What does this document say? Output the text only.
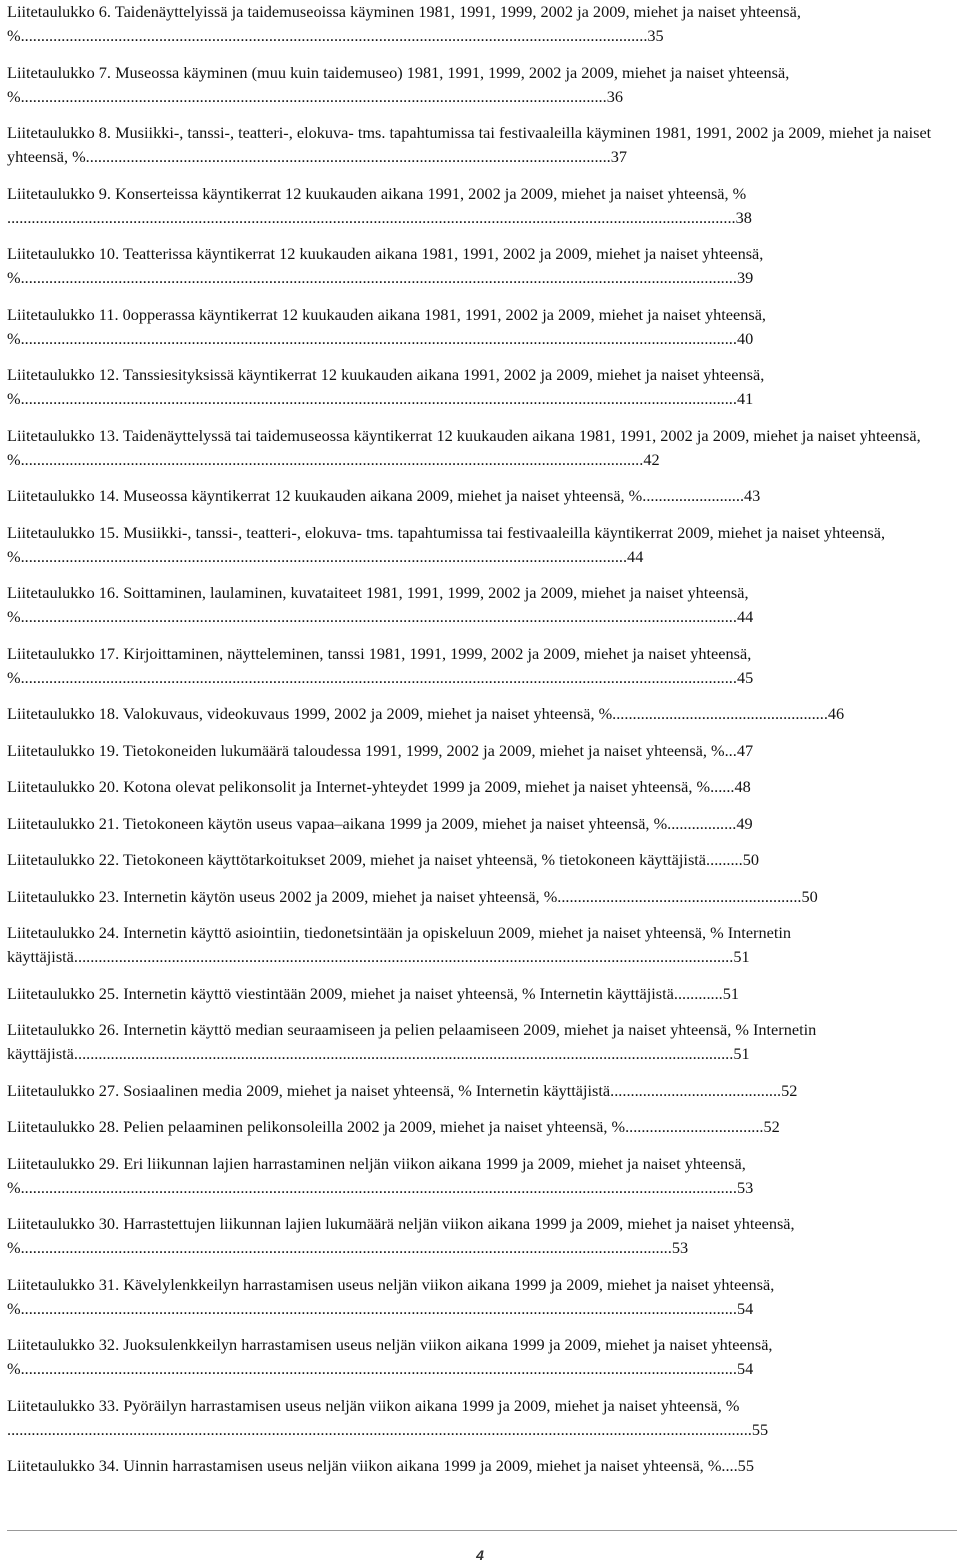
Liitetaulukko 6. Taidenäyttelyissä ja taidemuseoissa käyminen 1981, 1991, 1999, 2002 ja 2009, miehet ja naiset yhteensä, %..........................................................................................................................................................35
Liitetaulukko 7. Museossa käyminen (muu kuin taidemuseo) 1981, 1991, 1999, 2002 ja 2009, miehet ja naiset yhteensä, %................................................................................................................................................36
Liitetaulukko 8. Musiikki-, tanssi-, teatteri-, elokuva- tms. tapahtumissa tai festivaaleilla käyminen 1981, 1991, 2002 ja 2009, miehet ja naiset yhteensä, %.................................................................................................................................37
Liitetaulukko 9. Konserteissa käyntikerrat 12 kuukauden aikana 1991, 2002 ja 2009, miehet ja naiset yhteensä, % ...................................................................................................................................................................................38
Liitetaulukko 10. Teatterissa käyntikerrat 12 kuukauden aikana 1981, 1991, 2002 ja 2009, miehet ja naiset yhteensä, %................................................................................................................................................................................39
Liitetaulukko 11. 0opperassa käyntikerrat 12 kuukauden aikana 1981, 1991, 2002 ja 2009, miehet ja naiset yhteensä, %................................................................................................................................................................................40
Liitetaulukko 12. Tanssiesityksissä käyntikerrat 12 kuukauden aikana 1991, 2002 ja 2009, miehet ja naiset yhteensä, %................................................................................................................................................................................41
Liitetaulukko 13. Taidenäyttelyssä tai taidemuseossa käyntikerrat 12 kuukauden aikana 1981, 1991, 2002 ja 2009, miehet ja naiset yhteensä, %.........................................................................................................................................................42
Liitetaulukko 14. Museossa käyntikerrat 12 kuukauden aikana 2009, miehet ja naiset yhteensä, %.........................43
Liitetaulukko 15. Musiikki-, tanssi-, teatteri-, elokuva- tms. tapahtumissa tai festivaaleilla käyntikerrat 2009, miehet ja naiset yhteensä, %.....................................................................................................................................................44
Liitetaulukko 16. Soittaminen, laulaminen, kuvataiteet 1981, 1991, 1999, 2002 ja 2009, miehet ja naiset yhteensä, %................................................................................................................................................................................44
Liitetaulukko 17. Kirjoittaminen, näytteleminen, tanssi 1981, 1991, 1999, 2002 ja 2009, miehet ja naiset yhteensä, %................................................................................................................................................................................45
Liitetaulukko 18. Valokuvaus, videokuvaus 1999, 2002 ja 2009, miehet ja naiset yhteensä, %.....................................................46
Liitetaulukko 19. Tietokoneiden lukumäärä taloudessa 1991, 1999, 2002 ja 2009, miehet ja naiset yhteensä, %...47
Liitetaulukko 20. Kotona olevat pelikonsolit ja Internet-yhteydet 1999 ja 2009, miehet ja naiset yhteensä, %......48
Liitetaulukko 21. Tietokoneen käytön useus vapaa–aikana 1999 ja 2009, miehet ja naiset yhteensä, %.................49
Liitetaulukko 22. Tietokoneen käyttötarkoitukset 2009, miehet ja naiset yhteensä, % tietokoneen käyttäjistä.........50
Liitetaulukko 23. Internetin käytön useus 2002 ja 2009, miehet ja naiset yhteensä, %............................................................50
Liitetaulukko 24. Internetin käyttö asiointiin, tiedonetsintään ja opiskeluun 2009, miehet ja naiset yhteensä, % Internetin käyttäjistä..................................................................................................................................................................51
Liitetaulukko 25. Internetin käyttö viestintään 2009, miehet ja naiset yhteensä, % Internetin käyttäjistä............51
Liitetaulukko 26. Internetin käyttö median seuraamiseen ja pelien pelaamiseen 2009, miehet ja naiset yhteensä, % Internetin käyttäjistä..................................................................................................................................................................51
Liitetaulukko 27. Sosiaalinen media 2009, miehet ja naiset yhteensä, % Internetin käyttäjistä..........................................52
Liitetaulukko 28. Pelien pelaaminen pelikonsoleilla 2002 ja 2009, miehet ja naiset yhteensä, %..................................52
Liitetaulukko 29. Eri liikunnan lajien harrastaminen neljän viikon aikana 1999 ja 2009, miehet ja naiset yhteensä, %................................................................................................................................................................................53
Liitetaulukko 30. Harrastettujen liikunnan lajien lukumäärä neljän viikon aikana 1999 ja 2009, miehet ja naiset yhteensä, %................................................................................................................................................................53
Liitetaulukko 31. Kävelylenkkeilyn harrastamisen useus neljän viikon aikana 1999 ja 2009, miehet ja naiset yhteensä, %................................................................................................................................................................................54
Liitetaulukko 32. Juoksulenkkeilyn harrastamisen useus neljän viikon aikana 1999 ja 2009, miehet ja naiset yhteensä, %................................................................................................................................................................................54
Liitetaulukko 33. Pyöräilyn harrastamisen useus neljän viikon aikana 1999 ja 2009, miehet ja naiset yhteensä, % .......................................................................................................................................................................................55
Liitetaulukko 34. Uinnin harrastamisen useus neljän viikon aikana 1999 ja 2009, miehet ja naiset yhteensä, %....55
4
